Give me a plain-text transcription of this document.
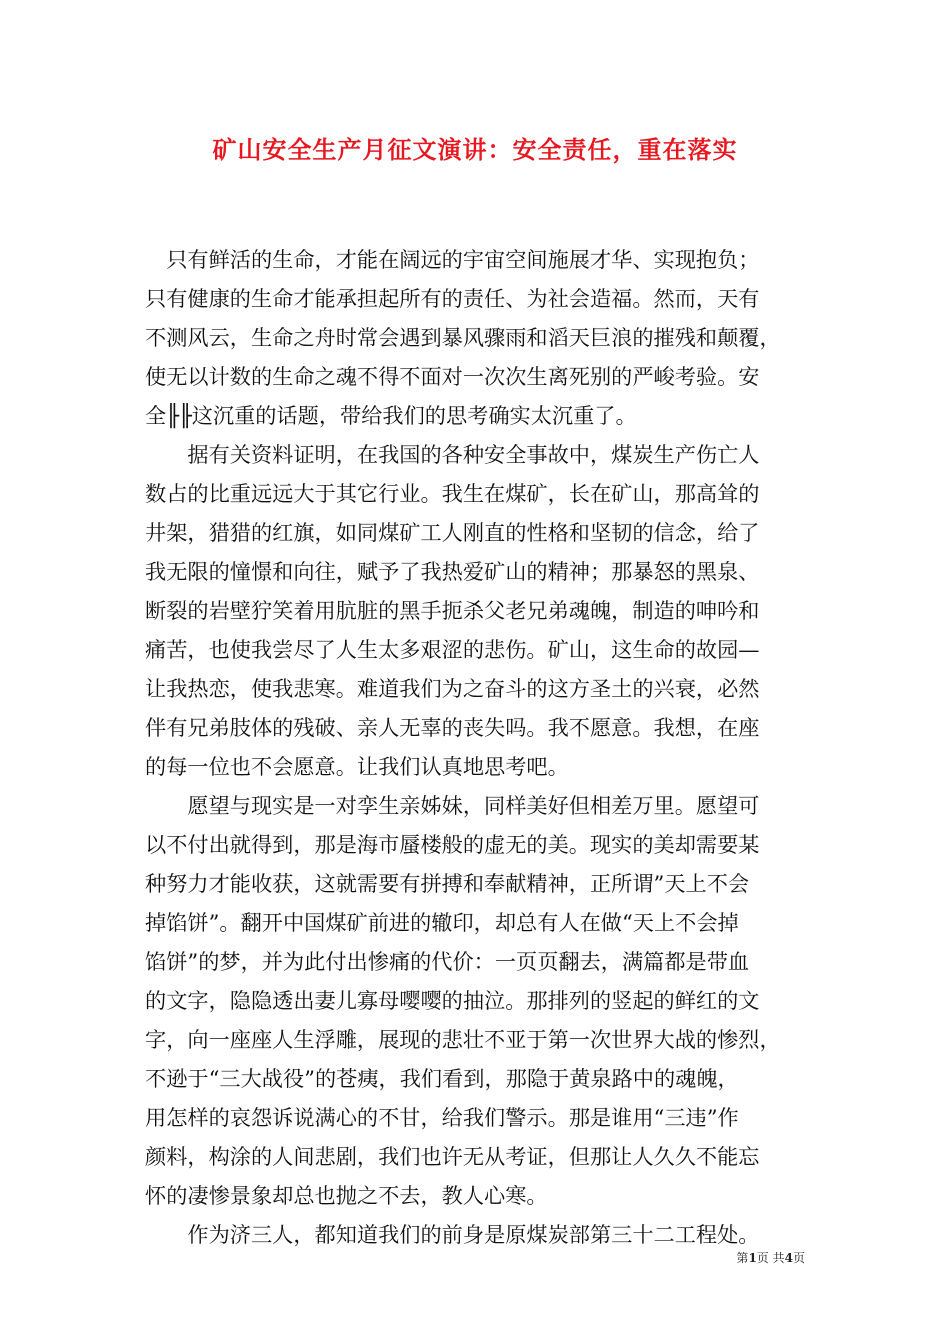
矿山安全生产月征文演讲：安全责任，重在落实
　只有鲜活的生命，才能在阔远的宇宙空间施展才华、实现抱负；
只有健康的生命才能承担起所有的责任、为社会造福。然而，天有
不测风云，生命之舟时常会遇到暴风骤雨和滔天巨浪的摧残和颠覆，
使无以计数的生命之魂不得不面对一次次生离死别的严峻考验。安
全╟╟这沉重的话题，带给我们的思考确实太沉重了。
　　据有关资料证明，在我国的各种安全事故中，煤炭生产伤亡人
数占的比重远远大于其它行业。我生在煤矿，长在矿山，那高耸的
井架，猎猎的红旗，如同煤矿工人刚直的性格和坚韧的信念，给了
我无限的憧憬和向往，赋予了我热爱矿山的精神；那暴怒的黑泉、
断裂的岩壁狞笑着用肮脏的黑手扼杀父老兄弟魂魄，制造的呻吟和
痛苦，也使我尝尽了人生太多艰涩的悲伤。矿山，这生命的故园—
让我热恋，使我悲寒。难道我们为之奋斗的这方圣土的兴衰，必然
伴有兄弟肢体的残破、亲人无辜的丧失吗。我不愿意。我想，在座
的每一位也不会愿意。让我们认真地思考吧。
　　愿望与现实是一对孪生亲姊妹，同样美好但相差万里。愿望可
以不付出就得到，那是海市蜃楼般的虚无的美。现实的美却需要某
种努力才能收获，这就需要有拼搏和奉献精神，正所谓”天上不会
掉馅饼”。翻开中国煤矿前进的辙印，却总有人在做“天上不会掉
馅饼”的梦，并为此付出惨痛的代价：一页页翻去，满篇都是带血
的文字，隐隐透出妻儿寡母嘤嘤的抽泣。那排列的竖起的鲜红的文
字，向一座座人生浮雕，展现的悲壮不亚于第一次世界大战的惨烈，
不逊于“三大战役”的苍痍，我们看到，那隐于黄泉路中的魂魄，
用怎样的哀怨诉说满心的不甘，给我们警示。那是谁用“三违”作
颜料，构涂的人间悲剧，我们也许无从考证，但那让人久久不能忘
怀的凄惨景象却总也抛之不去，教人心寒。
　　作为济三人，都知道我们的前身是原煤炭部第三十二工程处。
第1页 共4页
